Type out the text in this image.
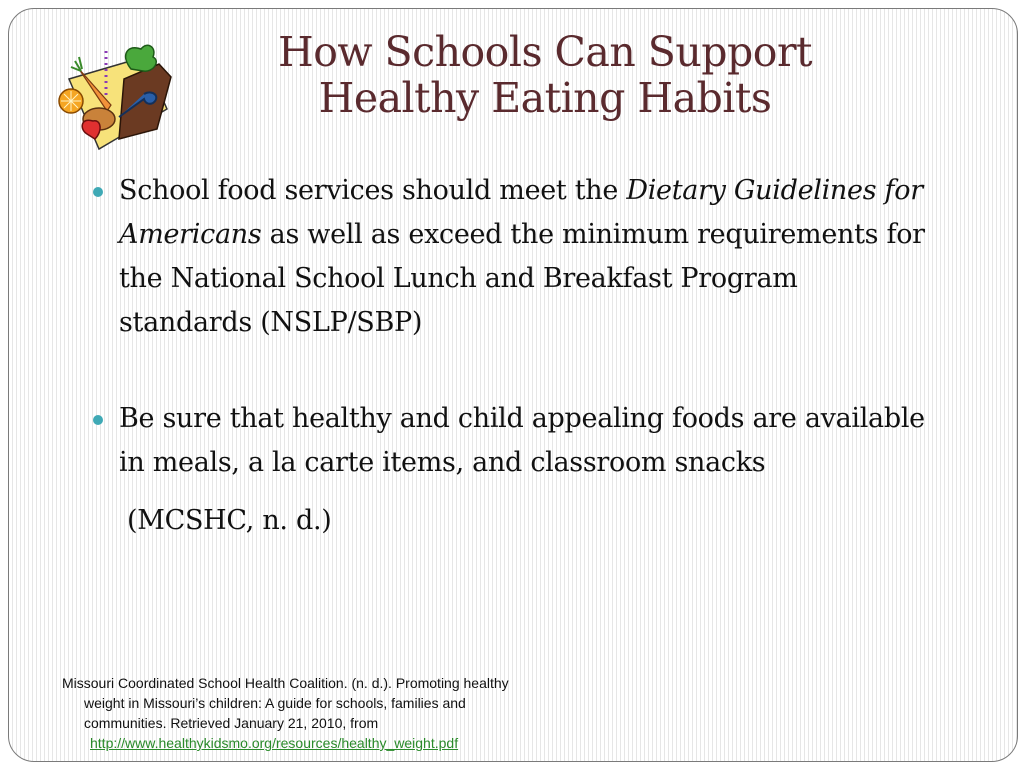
How Schools Can Support
Healthy Eating Habits

School food services should meet the Dietary Guidelines for Americans as well as exceed the minimum requirements for the National School Lunch and Breakfast Program standards (NSLP/SBP)

Be sure that healthy and child appealing foods are available in meals, a la carte items, and classroom snacks

(MCSHC, n. d.)

Missouri Coordinated School Health Coalition. (n. d.). Promoting healthy

weight in Missouri’s children: A guide for schools, families and

communities. Retrieved January 21, 2010, from

http://www.healthykidsmo.org/resources/healthy_weight.pdf
